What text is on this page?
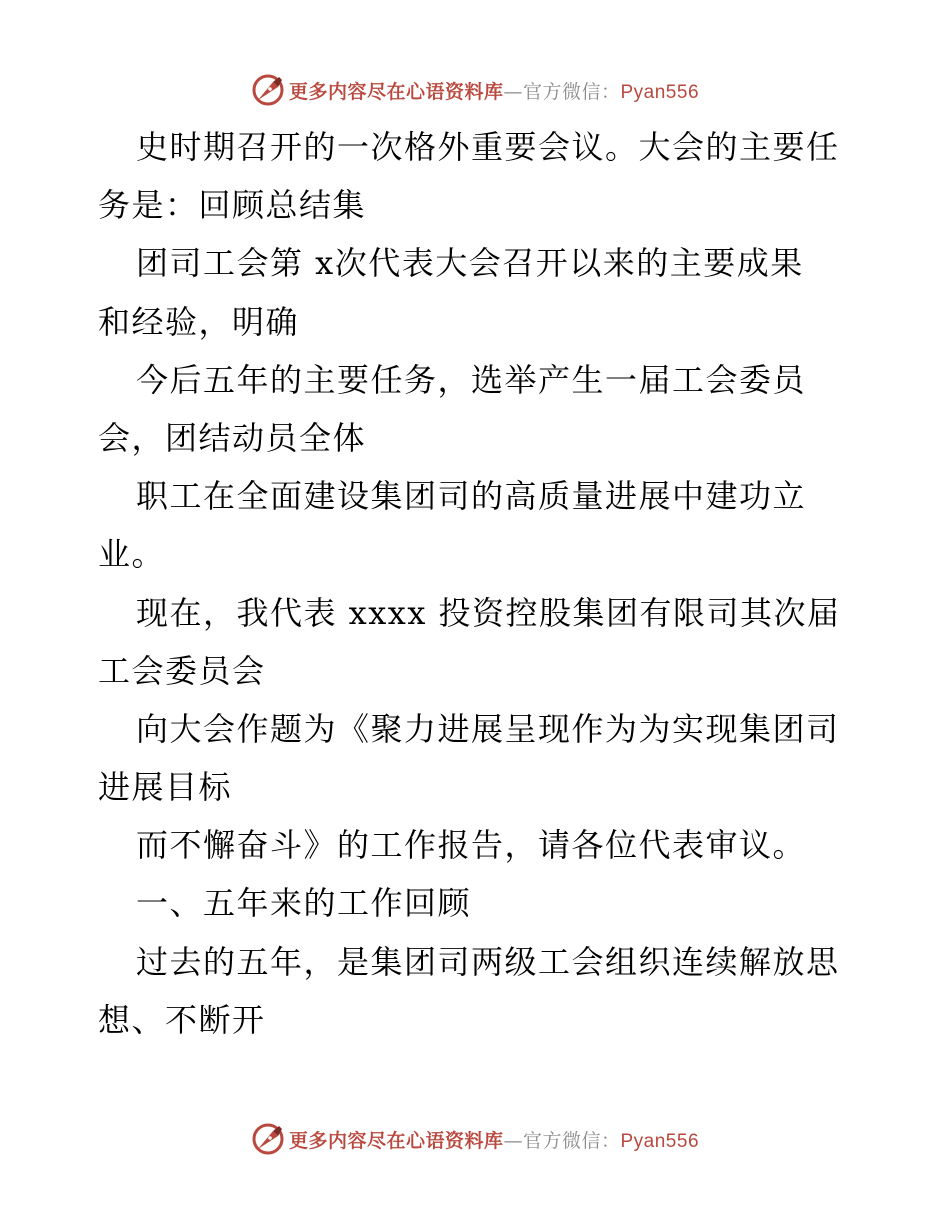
更多内容尽在心语资料库—官方微信：Pyan556
史时期召开的一次格外重要会议。大会的主要任
务是：回顾总结集
团司工会第 x次代表大会召开以来的主要成果
和经验，明确
今后五年的主要任务，选举产生一届工会委员
会，团结动员全体
职工在全面建设集团司的高质量进展中建功立
业。
现在，我代表 xxxx 投资控股集团有限司其次届
工会委员会
向大会作题为《聚力进展呈现作为为实现集团司
进展目标
而不懈奋斗》的工作报告，请各位代表审议。
一、五年来的工作回顾
过去的五年，是集团司两级工会组织连续解放思
想、不断开
更多内容尽在心语资料库—官方微信：Pyan556
